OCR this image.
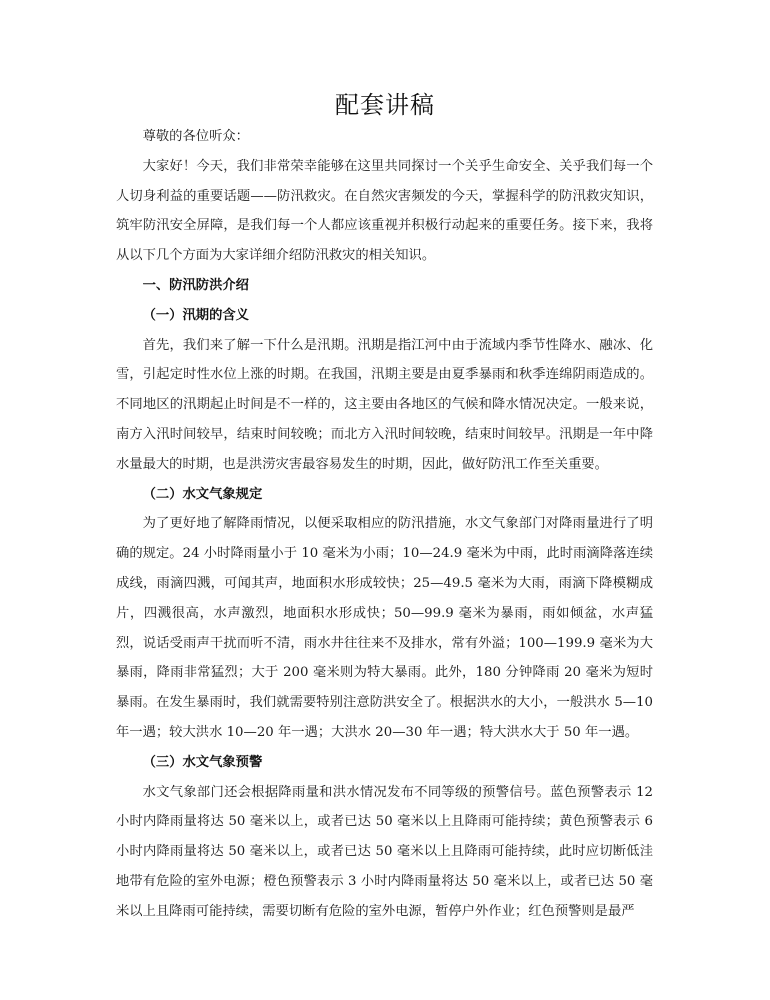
配套讲稿

尊敬的各位听众：

大家好！今天，我们非常荣幸能够在这里共同探讨一个关乎生命安全、关乎我们每一个人切身利益的重要话题——防汛救灾。在自然灾害频发的今天，掌握科学的防汛救灾知识，筑牢防汛安全屏障，是我们每一个人都应该重视并积极行动起来的重要任务。接下来，我将从以下几个方面为大家详细介绍防汛救灾的相关知识。

一、防汛防洪介绍
（一）汛期的含义

首先，我们来了解一下什么是汛期。汛期是指江河中由于流域内季节性降水、融冰、化雪，引起定时性水位上涨的时期。在我国，汛期主要是由夏季暴雨和秋季连绵阴雨造成的。不同地区的汛期起止时间是不一样的，这主要由各地区的气候和降水情况决定。一般来说，南方入汛时间较早，结束时间较晚；而北方入汛时间较晚，结束时间较早。汛期是一年中降水量最大的时期，也是洪涝灾害最容易发生的时期，因此，做好防汛工作至关重要。

（二）水文气象规定

为了更好地了解降雨情况，以便采取相应的防汛措施，水文气象部门对降雨量进行了明确的规定。24 小时降雨量小于 10 毫米为小雨；10—24.9 毫米为中雨，此时雨滴降落连续成线，雨滴四溅，可闻其声，地面积水形成较快；25—49.5 毫米为大雨，雨滴下降模糊成片，四溅很高，水声激烈，地面积水形成快；50—99.9 毫米为暴雨，雨如倾盆，水声猛烈，说话受雨声干扰而听不清，雨水井往往来不及排水，常有外溢；100—199.9 毫米为大暴雨，降雨非常猛烈；大于 200 毫米则为特大暴雨。此外，180 分钟降雨 20 毫米为短时暴雨。在发生暴雨时，我们就需要特别注意防洪安全了。根据洪水的大小，一般洪水 5—10 年一遇；较大洪水 10—20 年一遇；大洪水 20—30 年一遇；特大洪水大于 50 年一遇。

（三）水文气象预警

水文气象部门还会根据降雨量和洪水情况发布不同等级的预警信号。蓝色预警表示 12 小时内降雨量将达 50 毫米以上，或者已达 50 毫米以上且降雨可能持续；黄色预警表示 6 小时内降雨量将达 50 毫米以上，或者已达 50 毫米以上且降雨可能持续，此时应切断低洼地带有危险的室外电源；橙色预警表示 3 小时内降雨量将达 50 毫米以上，或者已达 50 毫米以上且降雨可能持续，需要切断有危险的室外电源，暂停户外作业；红色预警则是最严
